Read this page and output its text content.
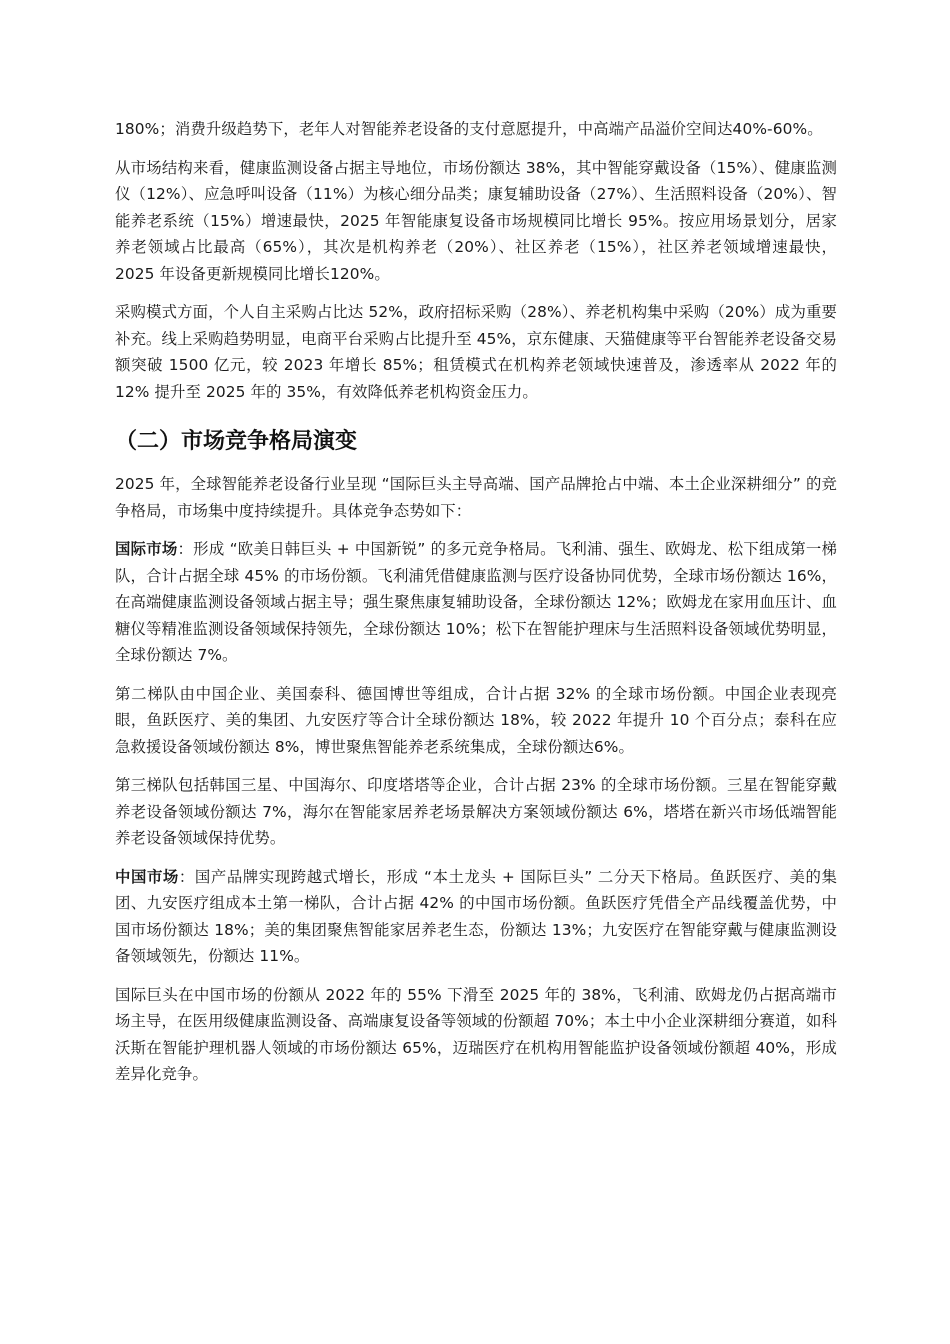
180%；消费升级趋势下，老年人对智能养老设备的支付意愿提升，中高端产品溢价空间达40%-60%。

从市场结构来看，健康监测设备占据主导地位，市场份额达 38%，其中智能穿戴设备（15%）、健康监测仪（12%）、应急呼叫设备（11%）为核心细分品类；康复辅助设备（27%）、生活照料设备（20%）、智能养老系统（15%）增速最快，2025 年智能康复设备市场规模同比增长 95%。按应用场景划分，居家养老领域占比最高（65%），其次是机构养老（20%）、社区养老（15%），社区养老领域增速最快，2025 年设备更新规模同比增长120%。

采购模式方面，个人自主采购占比达 52%，政府招标采购（28%）、养老机构集中采购（20%）成为重要补充。线上采购趋势明显，电商平台采购占比提升至 45%，京东健康、天猫健康等平台智能养老设备交易额突破 1500 亿元，较 2023 年增长 85%；租赁模式在机构养老领域快速普及，渗透率从 2022 年的 12% 提升至 2025 年的 35%，有效降低养老机构资金压力。

（二）市场竞争格局演变

2025 年，全球智能养老设备行业呈现 “国际巨头主导高端、国产品牌抢占中端、本土企业深耕细分” 的竞争格局，市场集中度持续提升。具体竞争态势如下：

国际市场：形成 “欧美日韩巨头 + 中国新锐” 的多元竞争格局。飞利浦、强生、欧姆龙、松下组成第一梯队，合计占据全球 45% 的市场份额。飞利浦凭借健康监测与医疗设备协同优势，全球市场份额达 16%，在高端健康监测设备领域占据主导；强生聚焦康复辅助设备，全球份额达 12%；欧姆龙在家用血压计、血糖仪等精准监测设备领域保持领先，全球份额达 10%；松下在智能护理床与生活照料设备领域优势明显，全球份额达 7%。

第二梯队由中国企业、美国泰科、德国博世等组成，合计占据 32% 的全球市场份额。中国企业表现亮眼，鱼跃医疗、美的集团、九安医疗等合计全球份额达 18%，较 2022 年提升 10 个百分点；泰科在应急救援设备领域份额达 8%，博世聚焦智能养老系统集成，全球份额达6%。

第三梯队包括韩国三星、中国海尔、印度塔塔等企业，合计占据 23% 的全球市场份额。三星在智能穿戴养老设备领域份额达 7%，海尔在智能家居养老场景解决方案领域份额达 6%，塔塔在新兴市场低端智能养老设备领域保持优势。

中国市场：国产品牌实现跨越式增长，形成 “本土龙头 + 国际巨头” 二分天下格局。鱼跃医疗、美的集团、九安医疗组成本土第一梯队，合计占据 42% 的中国市场份额。鱼跃医疗凭借全产品线覆盖优势，中国市场份额达 18%；美的集团聚焦智能家居养老生态，份额达 13%；九安医疗在智能穿戴与健康监测设备领域领先，份额达 11%。

国际巨头在中国市场的份额从 2022 年的 55% 下滑至 2025 年的 38%，飞利浦、欧姆龙仍占据高端市场主导，在医用级健康监测设备、高端康复设备等领域的份额超 70%；本土中小企业深耕细分赛道，如科沃斯在智能护理机器人领域的市场份额达 65%，迈瑞医疗在机构用智能监护设备领域份额超 40%，形成差异化竞争。
